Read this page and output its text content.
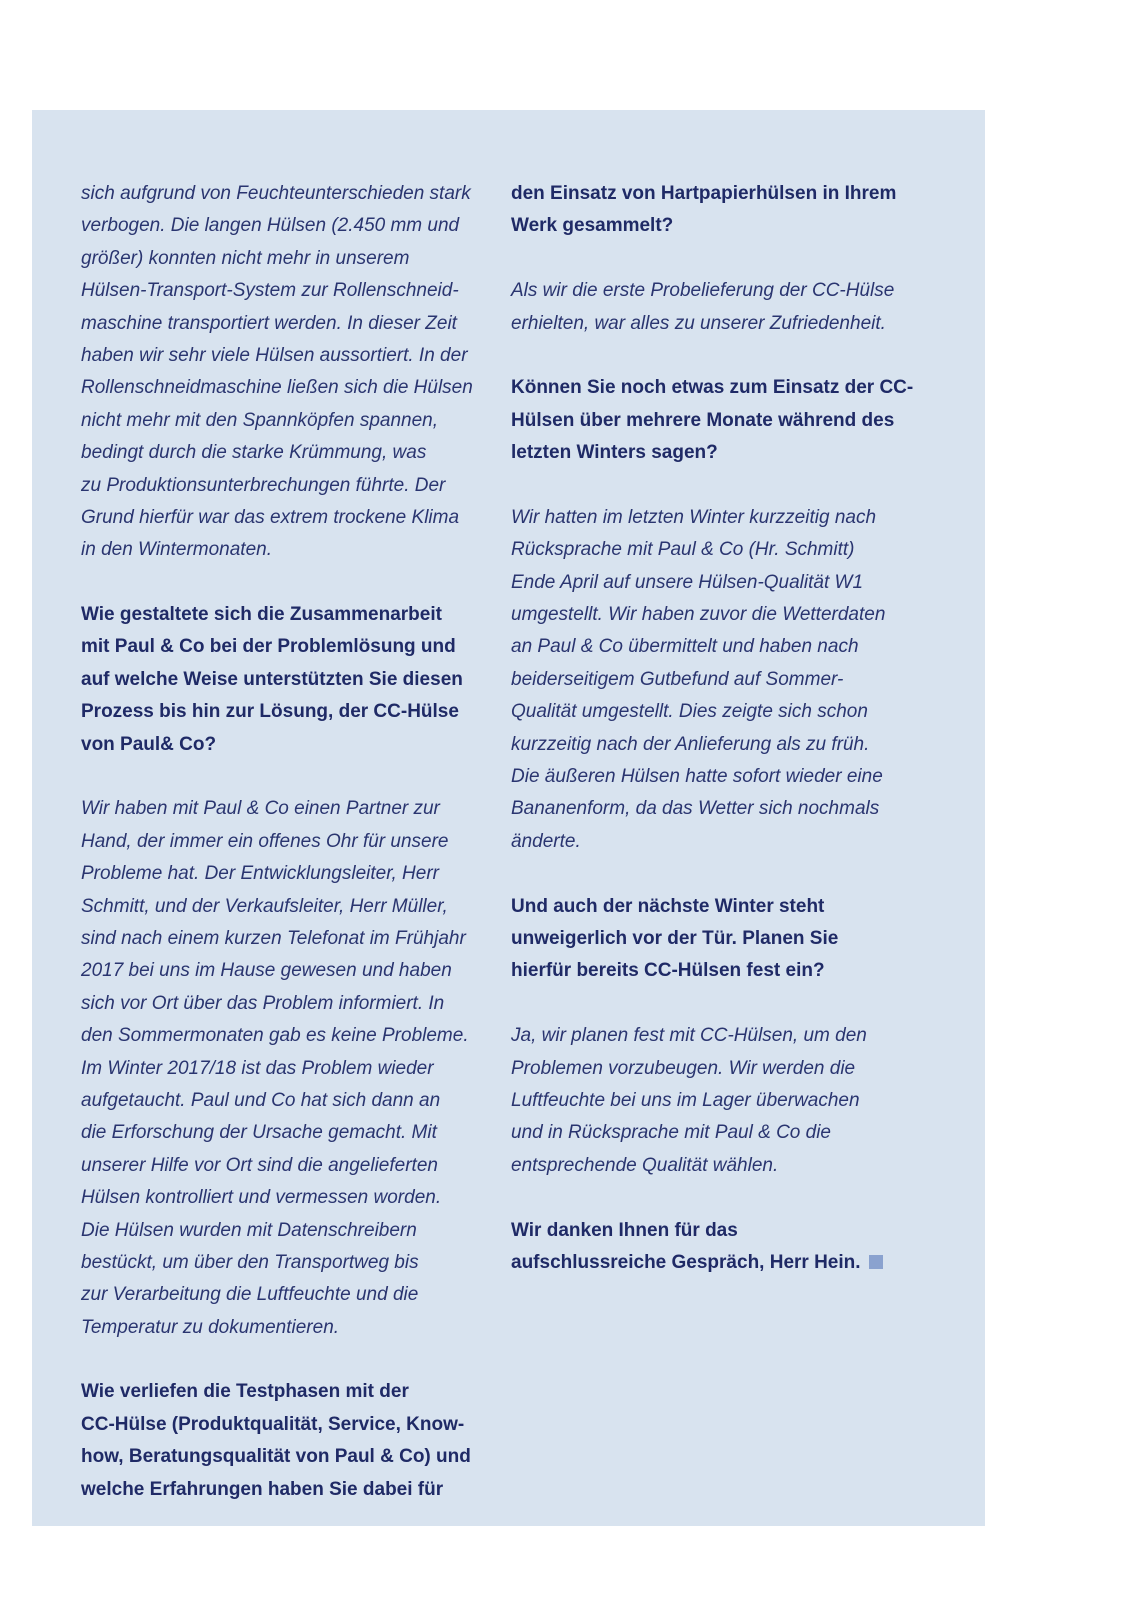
sich aufgrund von Feuchteunterschieden stark
verbogen. Die langen Hülsen (2.450 mm und
größer) konnten nicht mehr in unserem
Hülsen-Transport-System zur Rollenschneid-
maschine transportiert werden. In dieser Zeit
haben wir sehr viele Hülsen aussortiert. In der
Rollenschneidmaschine ließen sich die Hülsen
nicht mehr mit den Spannköpfen spannen,
bedingt durch die starke Krümmung, was
zu Produktionsunterbrechungen führte. Der
Grund hierfür war das extrem trockene Klima
in den Wintermonaten.
Wie gestaltete sich die Zusammenarbeit
mit Paul & Co bei der Problemlösung und
auf welche Weise unterstützten Sie diesen
Prozess bis hin zur Lösung, der CC-Hülse
von Paul& Co?
Wir haben mit Paul & Co einen Partner zur
Hand, der immer ein offenes Ohr für unsere
Probleme hat. Der Entwicklungsleiter, Herr
Schmitt, und der Verkaufsleiter, Herr Müller,
sind nach einem kurzen Telefonat im Frühjahr
2017 bei uns im Hause gewesen und haben
sich vor Ort über das Problem informiert. In
den Sommermonaten gab es keine Probleme.
Im Winter 2017/18 ist das Problem wieder
aufgetaucht. Paul und Co hat sich dann an
die Erforschung der Ursache gemacht. Mit
unserer Hilfe vor Ort sind die angelieferten
Hülsen kontrolliert und vermessen worden.
Die Hülsen wurden mit Datenschreibern
bestückt, um über den Transportweg bis
zur Verarbeitung die Luftfeuchte und die
Temperatur zu dokumentieren.
Wie verliefen die Testphasen mit der
CC-Hülse (Produktqualität, Service, Know-
how, Beratungsqualität von Paul & Co) und
welche Erfahrungen haben Sie dabei für
den Einsatz von Hartpapierhülsen in Ihrem
Werk gesammelt?
Als wir die erste Probelieferung der CC-Hülse
erhielten, war alles zu unserer Zufriedenheit.
Können Sie noch etwas zum Einsatz der CC-
Hülsen über mehrere Monate während des
letzten Winters sagen?
Wir hatten im letzten Winter kurzzeitig nach
Rücksprache mit Paul & Co (Hr. Schmitt)
Ende April auf unsere Hülsen-Qualität W1
umgestellt. Wir haben zuvor die Wetterdaten
an Paul & Co übermittelt und haben nach
beiderseitigem Gutbefund auf Sommer-
Qualität umgestellt. Dies zeigte sich schon
kurzzeitig nach der Anlieferung als zu früh.
Die äußeren Hülsen hatte sofort wieder eine
Bananenform, da das Wetter sich nochmals
änderte.
Und auch der nächste Winter steht
unweigerlich vor der Tür. Planen Sie
hierfür bereits CC-Hülsen fest ein?
Ja, wir planen fest mit CC-Hülsen, um den
Problemen vorzubeugen. Wir werden die
Luftfeuchte bei uns im Lager überwachen
und in Rücksprache mit Paul & Co die
entsprechende Qualität wählen.
Wir danken Ihnen für das
aufschlussreiche Gespräch, Herr Hein.
